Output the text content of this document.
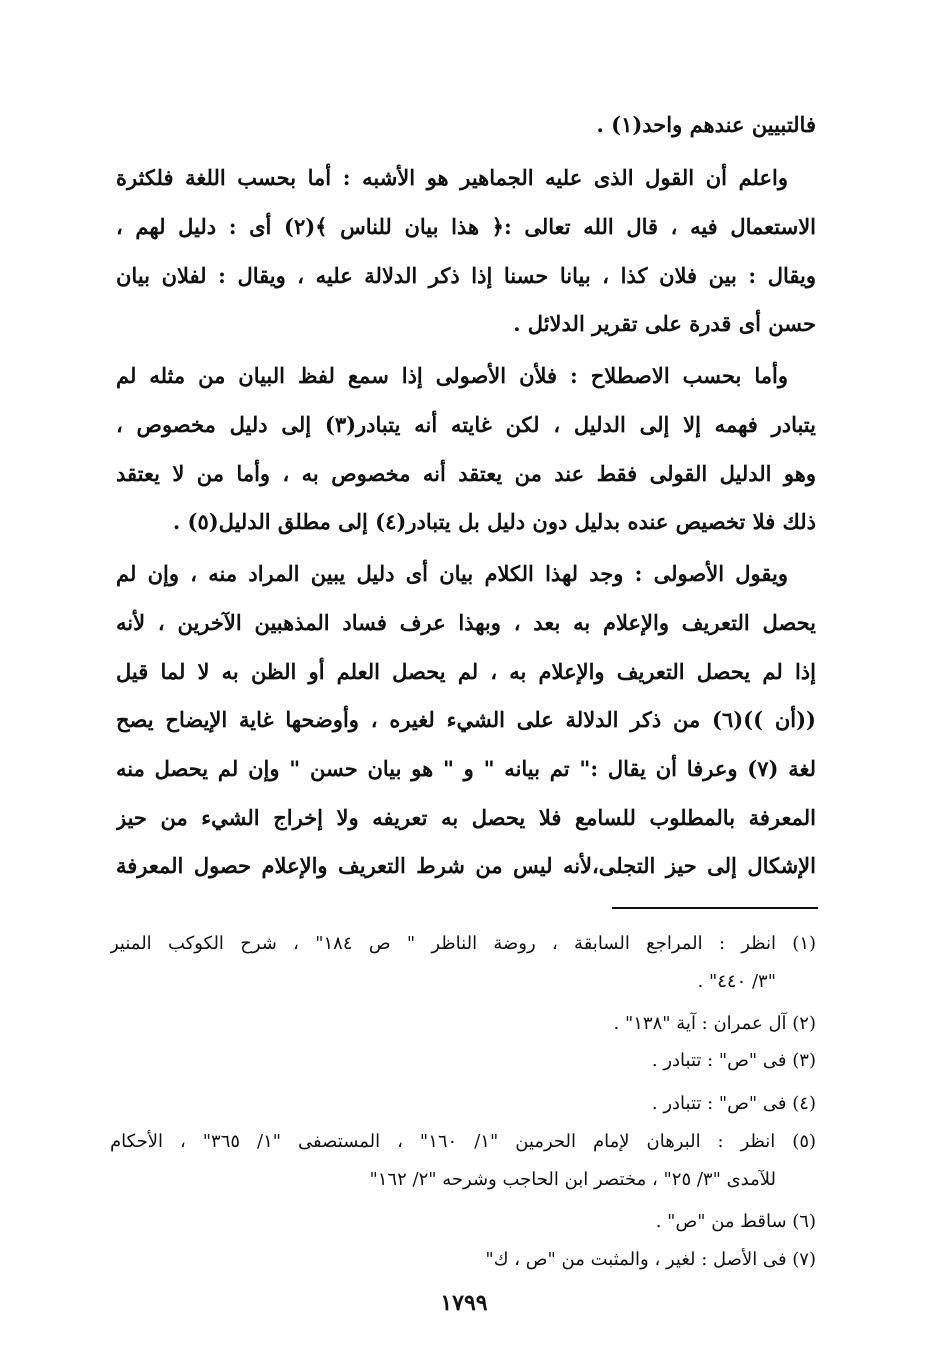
فالتبيين عندهم واحد(١) .
واعلم أن القول الذى عليه الجماهير هو الأشبه : أما بحسب اللغة فلكثرة
الاستعمال فيه ، قال الله تعالى :﴿ هذا بيان للناس ﴾(٢) أى : دليل لهم ،
ويقال : بين فلان كذا ، بيانا حسنا إذا ذكر الدلالة عليه ، ويقال : لفلان بيان
حسن أى قدرة على تقرير الدلائل .
وأما بحسب الاصطلاح : فلأن الأصولى إذا سمع لفظ البيان من مثله لم
يتبادر فهمه إلا إلى الدليل ، لكن غايته أنه يتبادر(٣) إلى دليل مخصوص ،
وهو الدليل القولى فقط عند من يعتقد أنه مخصوص به ، وأما من لا يعتقد
ذلك فلا تخصيص عنده بدليل دون دليل بل يتبادر(٤) إلى مطلق الدليل(٥) .
ويقول الأصولى : وجد لهذا الكلام بيان أى دليل يبين المراد منه ، وإن لم
يحصل التعريف والإعلام به بعد ، وبهذا عرف فساد المذهبين الآخرين ، لأنه
إذا لم يحصل التعريف والإعلام به ، لم يحصل العلم أو الظن به لا لما قيل
((أن ))(٦) من ذكر الدلالة على الشيء لغيره ، وأوضحها غاية الإيضاح يصح
لغة (٧) وعرفا أن يقال :" تم بيانه " و " هو بيان حسن " وإن لم يحصل منه
المعرفة بالمطلوب للسامع فلا يحصل به تعريفه ولا إخراج الشيء من حيز
الإشكال إلى حيز التجلى،لأنه ليس من شرط التعريف والإعلام حصول المعرفة
(١) انظر : المراجع السابقة ، روضة الناظر " ص ١٨٤" ، شرح الكوكب المنير
"٣/ ٤٤٠" .
(٢) آل عمران : آية "١٣٨" .
(٣) فى "ص" : تتبادر .
(٤) فى "ص" : تتبادر .
(٥) انظر : البرهان لإمام الحرمين "١/ ١٦٠" ، المستصفى "١/ ٣٦٥" ، الأحكام
للآمدى "٣/ ٢٥" ، مختصر ابن الحاجب وشرحه "٢/ ١٦٢"
(٦) ساقط من "ص" .
(٧) فى الأصل : لغير ، والمثبت من "ص ، ك"
١٧٩٩
